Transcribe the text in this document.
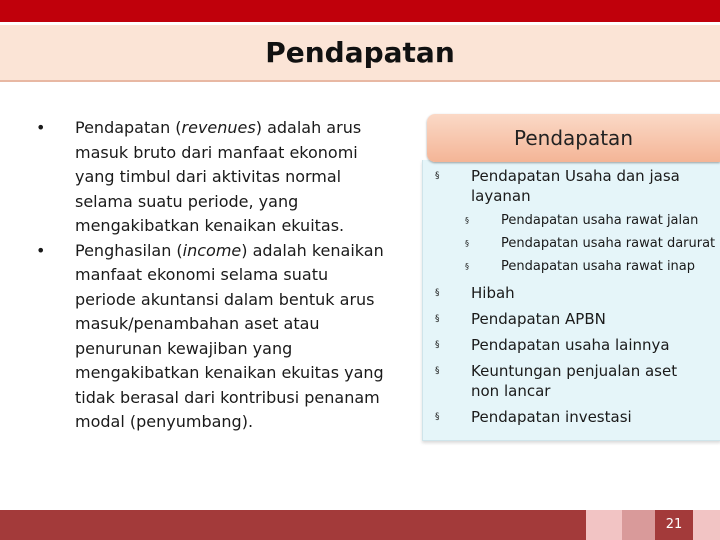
Pendapatan
• Pendapatan (revenues) adalah arus masuk bruto dari manfaat ekonomi yang timbul dari aktivitas normal selama suatu periode, yang mengakibatkan kenaikan ekuitas.
• Penghasilan (income) adalah kenaikan manfaat ekonomi selama suatu periode akuntansi dalam bentuk arus masuk/penambahan aset atau penurunan kewajiban yang mengakibatkan kenaikan ekuitas yang tidak berasal dari kontribusi penanam modal (penyumbang).
§ Pendapatan Usaha dan jasa layanan
§ Pendapatan usaha rawat jalan
§ Pendapatan usaha rawat darurat
§ Pendapatan usaha rawat inap
§ Hibah
§ Pendapatan APBN
§ Pendapatan usaha lainnya
§ Keuntungan penjualan aset non lancar
§ Pendapatan investasi
Pendapatan
21
